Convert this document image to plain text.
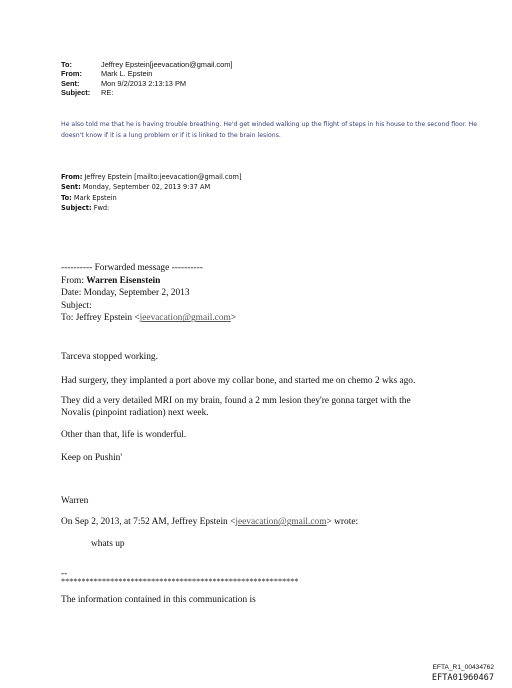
To:	Jeffrey Epstein[jeevacation@gmail.com]
From:	Mark L. Epstein
Sent:	Mon 9/2/2013 2:13:13 PM
Subject:	RE:
He also told me that he is having trouble breathing. He'd get winded walking up the flight of steps in his house to the second floor. He doesn't know if it is a lung problem or if it is linked to the brain lesions.
From: Jeffrey Epstein [mailto:jeevacation@gmail.com]
Sent: Monday, September 02, 2013 9:37 AM
To: Mark Epstein
Subject: Fwd:
---------- Forwarded message ----------
From: Warren Eisenstein
Date: Monday, September 2, 2013
Subject:
To: Jeffrey Epstein <jeevacation@gmail.com>

Tarceva stopped working.

Had surgery, they implanted a port above my collar bone, and started me on chemo 2 wks ago.

They did a very detailed MRI on my brain, found a 2 mm lesion they're gonna target with the Novalis (pinpoint radiation) next week.

Other than that, life is wonderful.

Keep on Pushin'

Warren

On Sep 2, 2013, at 7:52 AM, Jeffrey Epstein <jeevacation@gmail.com> wrote:

whats up

--
**********************************************************
The information contained in this communication is
EFTA_R1_00434762
EFTA01960467
